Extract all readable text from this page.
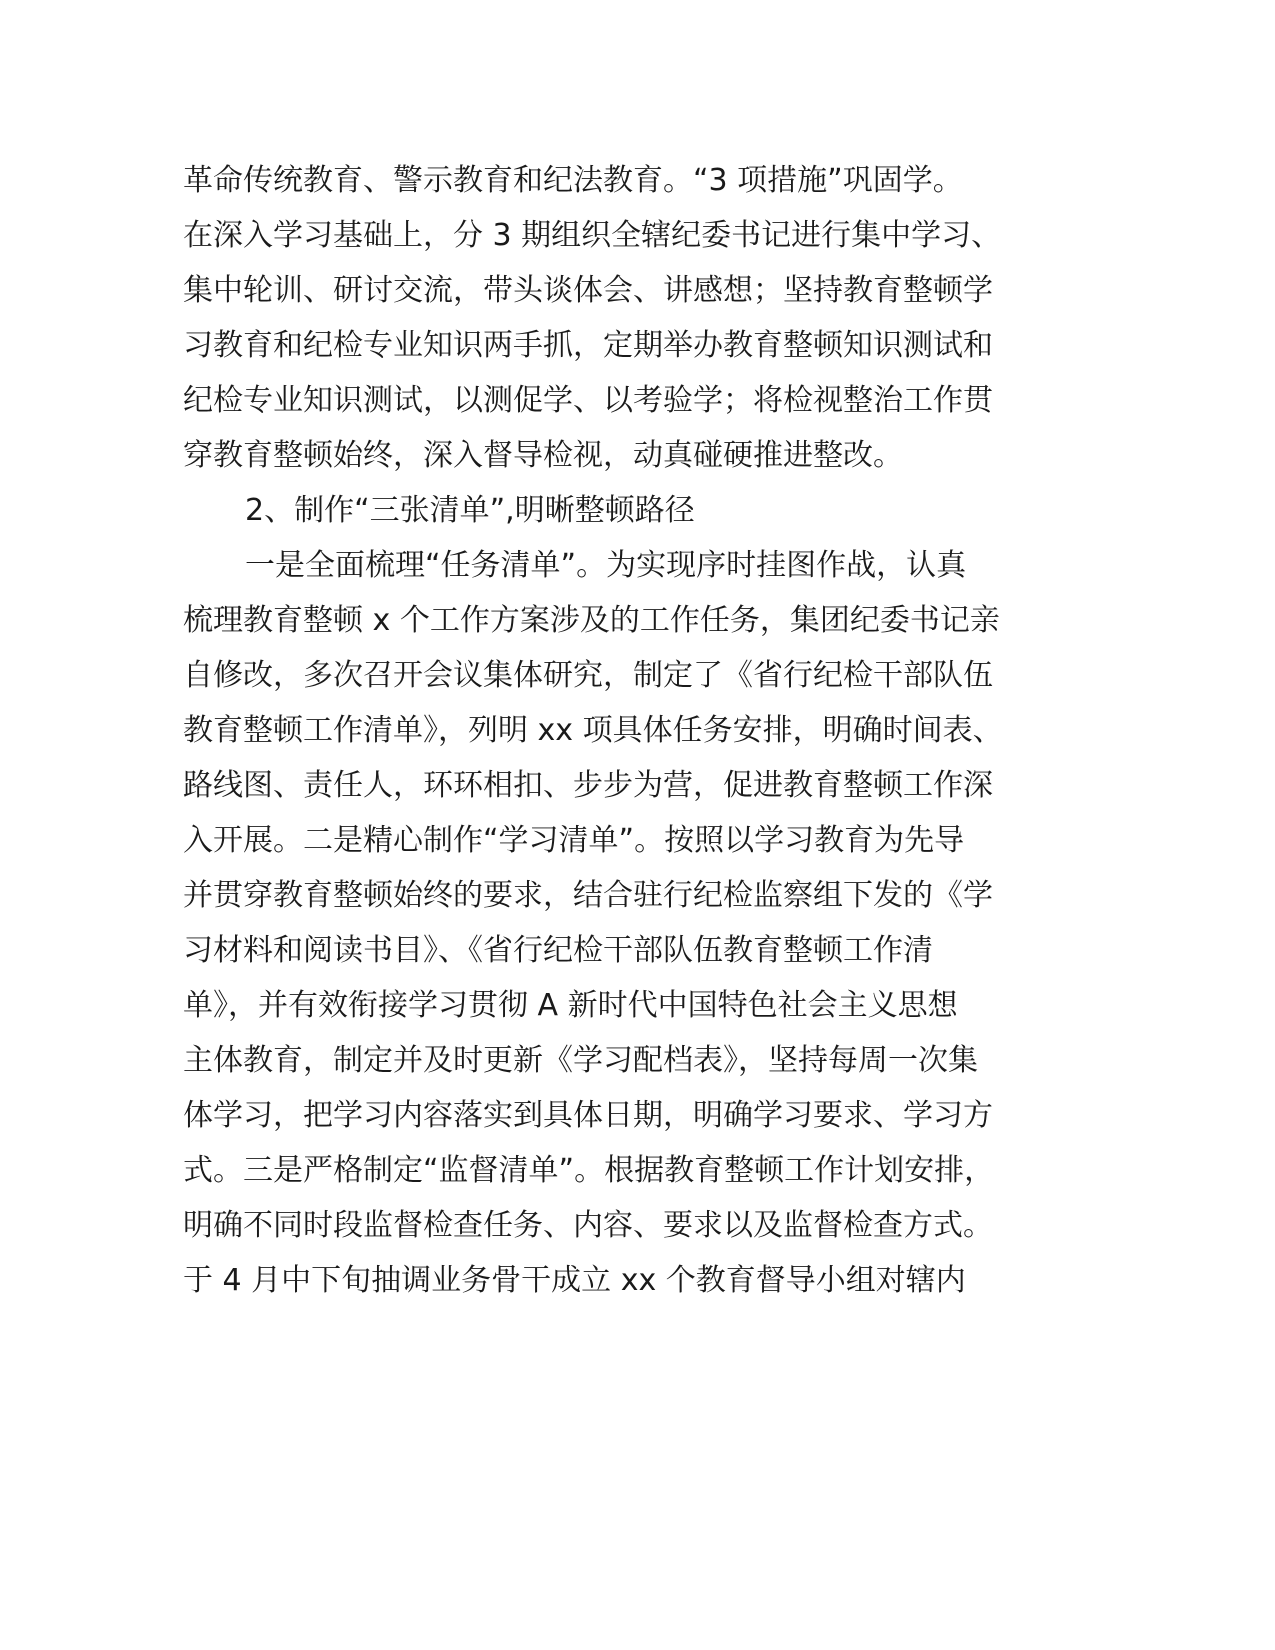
革命传统教育、警示教育和纪法教育。“3 项措施”巩固学。
在深入学习基础上，分 3 期组织全辖纪委书记进行集中学习、
集中轮训、研讨交流，带头谈体会、讲感想；坚持教育整顿学
习教育和纪检专业知识两手抓，定期举办教育整顿知识测试和
纪检专业知识测试，以测促学、以考验学；将检视整治工作贯
穿教育整顿始终，深入督导检视，动真碰硬推进整改。
2、制作“三张清单”,明晰整顿路径
一是全面梳理“任务清单”。为实现序时挂图作战，认真
梳理教育整顿 x 个工作方案涉及的工作任务，集团纪委书记亲
自修改，多次召开会议集体研究，制定了《省行纪检干部队伍
教育整顿工作清单》，列明 xx 项具体任务安排，明确时间表、
路线图、责任人，环环相扣、步步为营，促进教育整顿工作深
入开展。二是精心制作“学习清单”。按照以学习教育为先导
并贯穿教育整顿始终的要求，结合驻行纪检监察组下发的《学
习材料和阅读书目》、《省行纪检干部队伍教育整顿工作清
单》，并有效衔接学习贯彻 A 新时代中国特色社会主义思想
主体教育，制定并及时更新《学习配档表》，坚持每周一次集
体学习，把学习内容落实到具体日期，明确学习要求、学习方
式。三是严格制定“监督清单”。根据教育整顿工作计划安排，
明确不同时段监督检查任务、内容、要求以及监督检查方式。
于 4 月中下旬抽调业务骨干成立 xx 个教育督导小组对辖内
